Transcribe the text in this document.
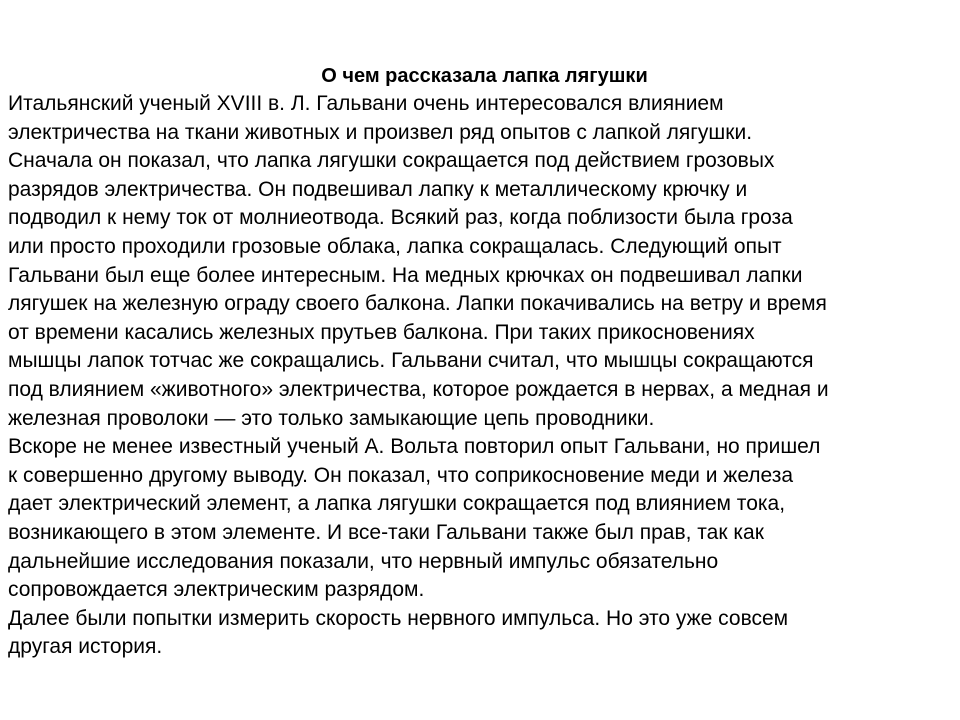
О чем рассказала лапка лягушки

Итальянский ученый XVIII в. Л. Гальвани очень интересовался влиянием
электричества на ткани животных и произвел ряд опытов с лапкой лягушки.
Сначала он показал, что лапка лягушки сокращается под действием грозовых
разрядов электричества. Он подвешивал лапку к металлическому крючку и
подводил к нему ток от молниеотвода. Всякий раз, когда поблизости была гроза
или просто проходили грозовые облака, лапка сокращалась. Следующий опыт
Гальвани был еще более интересным. На медных крючках он подвешивал лапки
лягушек на железную ограду своего балкона. Лапки покачивались на ветру и время
от времени касались железных прутьев балкона. При таких прикосновениях
мышцы лапок тотчас же сокращались. Гальвани считал, что мышцы сокращаются
под влиянием «животного» электричества, которое рождается в нервах, а медная и
железная проволоки — это только замыкающие цепь проводники.
Вскоре не менее известный ученый А. Вольта повторил опыт Гальвани, но пришел
к совершенно другому выводу. Он показал, что соприкосновение меди и железа
дает электрический элемент, а лапка лягушки сокращается под влиянием тока,
возникающего в этом элементе. И все-таки Гальвани также был прав, так как
дальнейшие исследования показали, что нервный импульс обязательно
сопровождается электрическим разрядом.
Далее были попытки измерить скорость нервного импульса. Но это уже совсем
другая история.
